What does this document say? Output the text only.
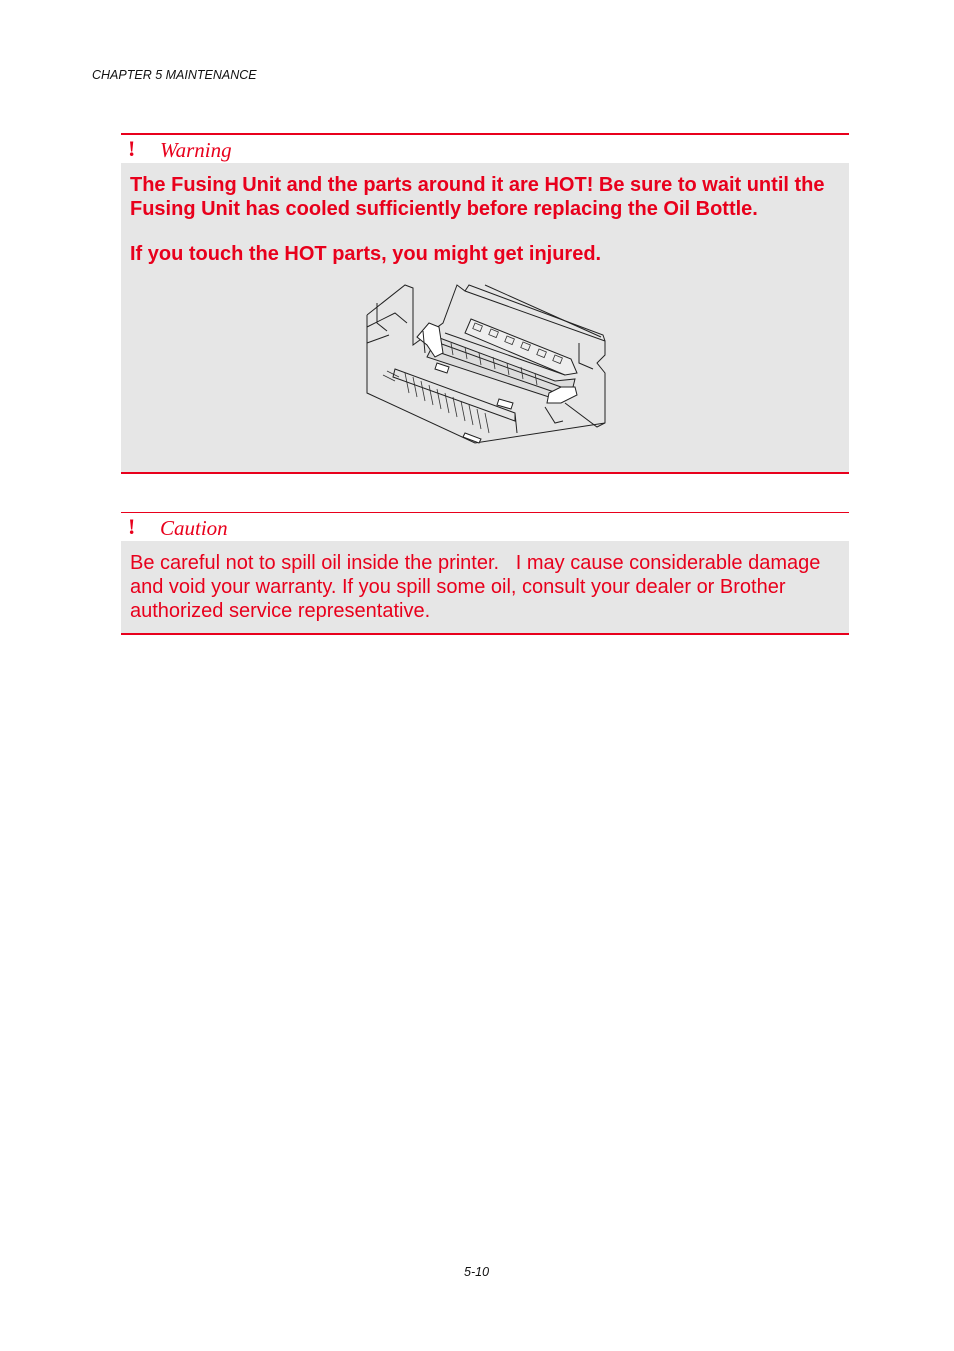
CHAPTER 5 MAINTENANCE
! Warning

The Fusing Unit and the parts around it are HOT! Be sure to wait until the Fusing Unit has cooled sufficiently before replacing the Oil Bottle.

If you touch the HOT parts, you might get injured.

! Caution

Be careful not to spill oil inside the printer.   I may cause considerable damage and void your warranty. If you spill some oil, consult your dealer or Brother authorized service representative.

5-10
